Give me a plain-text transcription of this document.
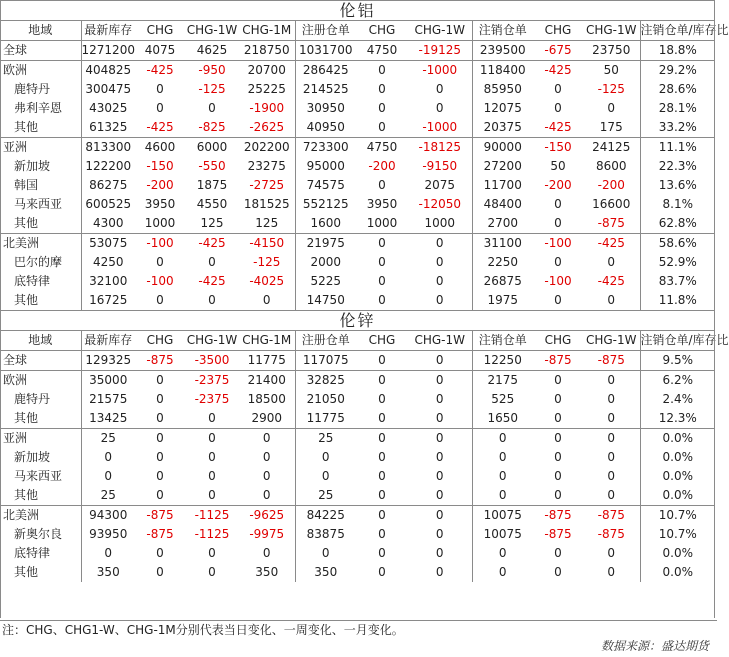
伦铝											
地域	最新库存	CHG	CHG-1W	CHG-1M	注册仓单	CHG	CHG-1W	注销仓单	CHG	CHG-1W	注销仓单/库存比
全球	1271200	4075	4625	218750	1031700	4750	-19125	239500	-675	23750	18.8%
欧洲	404825	-425	-950	20700	286425	0	-1000	118400	-425	50	29.2%
鹿特丹	300475	0	-125	25225	214525	0	0	85950	0	-125	28.6%
弗利辛恩	43025	0	0	-1900	30950	0	0	12075	0	0	28.1%
其他	61325	-425	-825	-2625	40950	0	-1000	20375	-425	175	33.2%
亚洲	813300	4600	6000	202200	723300	4750	-18125	90000	-150	24125	11.1%
新加坡	122200	-150	-550	23275	95000	-200	-9150	27200	50	8600	22.3%
韩国	86275	-200	1875	-2725	74575	0	2075	11700	-200	-200	13.6%
马来西亚	600525	3950	4550	181525	552125	3950	-12050	48400	0	16600	8.1%
其他	4300	1000	125	125	1600	1000	1000	2700	0	-875	62.8%
北美洲	53075	-100	-425	-4150	21975	0	0	31100	-100	-425	58.6%
巴尔的摩	4250	0	0	-125	2000	0	0	2250	0	0	52.9%
底特律	32100	-100	-425	-4025	5225	0	0	26875	-100	-425	83.7%
其他	16725	0	0	0	14750	0	0	1975	0	0	11.8%
伦锌											
地域	最新库存	CHG	CHG-1W	CHG-1M	注册仓单	CHG	CHG-1W	注销仓单	CHG	CHG-1W	注销仓单/库存比
全球	129325	-875	-3500	11775	117075	0	0	12250	-875	-875	9.5%
欧洲	35000	0	-2375	21400	32825	0	0	2175	0	0	6.2%
鹿特丹	21575	0	-2375	18500	21050	0	0	525	0	0	2.4%
其他	13425	0	0	2900	11775	0	0	1650	0	0	12.3%
亚洲	25	0	0	0	25	0	0	0	0	0	0.0%
新加坡	0	0	0	0	0	0	0	0	0	0	0.0%
马来西亚	0	0	0	0	0	0	0	0	0	0	0.0%
其他	25	0	0	0	25	0	0	0	0	0	0.0%
北美洲	94300	-875	-1125	-9625	84225	0	0	10075	-875	-875	10.7%
新奥尔良	93950	-875	-1125	-9975	83875	0	0	10075	-875	-875	10.7%
底特律	0	0	0	0	0	0	0	0	0	0	0.0%
其他	350	0	0	350	350	0	0	0	0	0	0.0%
注：CHG、CHG1-W、CHG-1M分别代表当日变化、一周变化、一月变化。
数据来源：盛达期货
